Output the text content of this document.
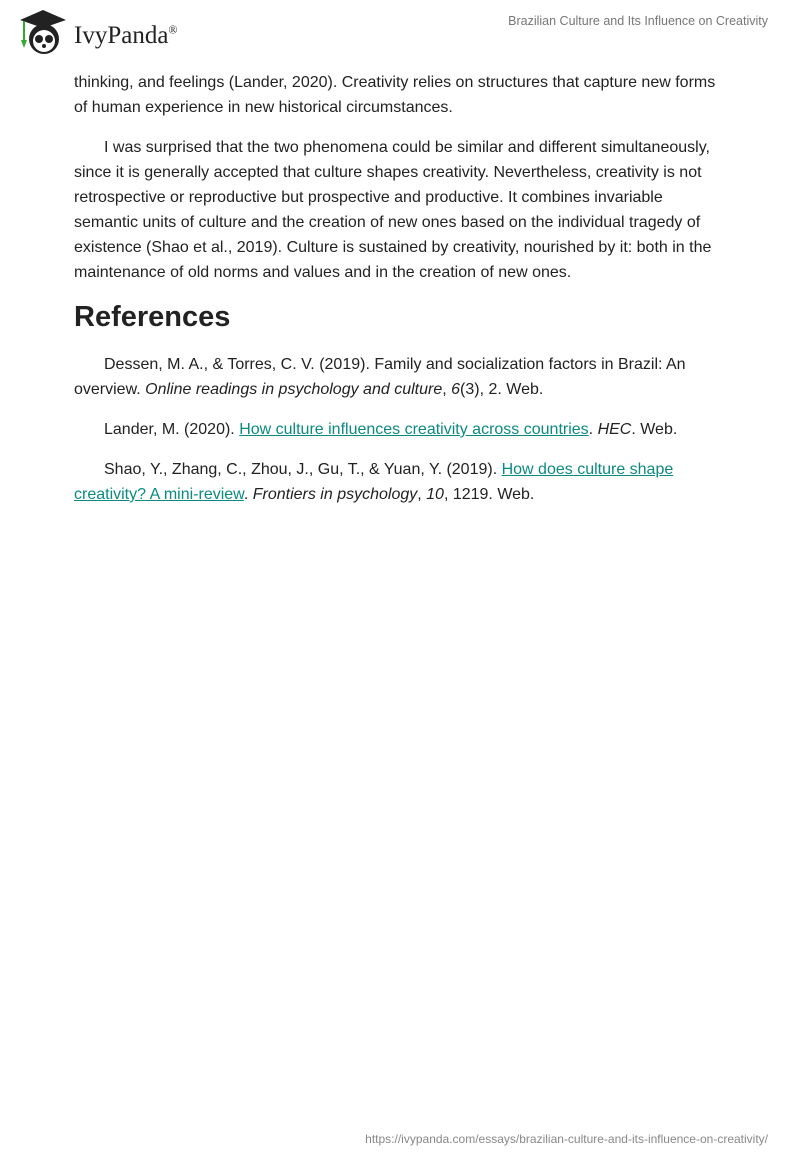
IvyPanda®
Brazilian Culture and Its Influence on Creativity

thinking, and feelings (Lander, 2020). Creativity relies on structures that capture new forms of human experience in new historical circumstances.

I was surprised that the two phenomena could be similar and different simultaneously, since it is generally accepted that culture shapes creativity. Nevertheless, creativity is not retrospective or reproductive but prospective and productive. It combines invariable semantic units of culture and the creation of new ones based on the individual tragedy of existence (Shao et al., 2019). Culture is sustained by creativity, nourished by it: both in the maintenance of old norms and values and in the creation of new ones.

References

Dessen, M. A., & Torres, C. V. (2019). Family and socialization factors in Brazil: An overview. Online readings in psychology and culture, 6(3), 2. Web.

Lander, M. (2020). How culture influences creativity across countries. HEC. Web.

Shao, Y., Zhang, C., Zhou, J., Gu, T., & Yuan, Y. (2019). How does culture shape creativity? A mini-review. Frontiers in psychology, 10, 1219. Web.

https://ivypanda.com/essays/brazilian-culture-and-its-influence-on-creativity/
